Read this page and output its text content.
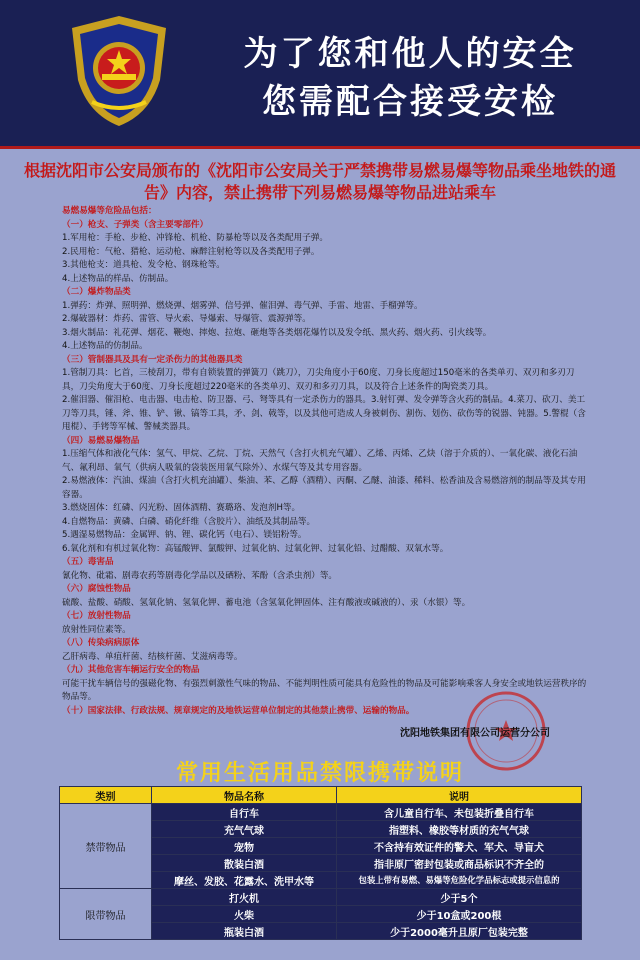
为了您和他人的安全
您需配合接受安检
根据沈阳市公安局颁布的《沈阳市公安局关于严禁携带易燃易爆等物品乘坐地铁的通告》内容，禁止携带下列易燃易爆等物品进站乘车

易燃易爆等危险品包括：

（一）枪支、子弹类（含主要零部件）

1.军用枪：手枪、步枪、冲锋枪、机枪、防暴枪等以及各类配用子弹。

2.民用枪：气枪、猎枪、运动枪、麻醉注射枪等以及各类配用子弹。

3.其他枪支：道具枪、发令枪、钢珠枪等。

4.上述物品的样品、仿制品。

（二）爆炸物品类

1.弹药：炸弹、照明弹、燃烧弹、烟雾弹、信号弹、催泪弹、毒气弹、手雷、地雷、手榴弹等。

2.爆破器材：炸药、雷管、导火索、导爆索、导爆管、震源弹等。

3.烟火制品：礼花弹、烟花、鞭炮、摔炮、拉炮、砸炮等各类烟花爆竹以及发令纸、黑火药、烟火药、引火线等。

4.上述物品的仿制品。

（三）管制器具及具有一定杀伤力的其他器具类

1.管制刀具：匕首，三棱刮刀，带有自锁装置的弹簧刀（跳刀），刀尖角度小于60度、刀身长度超过150毫米的各类单刃、双刃和多刃刀具，刀尖角度大于60度、刀身长度超过220毫米的各类单刃、双刃和多刃刀具，以及符合上述条件的陶瓷类刀具。

2.催泪器、催泪枪、电击器、电击枪、防卫器、弓、弩等具有一定杀伤力的器具。3.射钉弹、发令弹等含火药的制品。4.菜刀、砍刀、美工刀等刀具，锤、斧、锥、铲、锹、镐等工具，矛、剑、戟等，以及其他可造成人身被刺伤、割伤、划伤、砍伤等的锐器、钝器。5.警棍（含甩棍）、手铐等军械、警械类器具。

（四）易燃易爆物品

1.压缩气体和液化气体：氢气、甲烷、乙烷、丁烷、天然气（含打火机充气罐）、乙烯、丙烯、乙炔（溶于介质的）、一氧化碳、液化石油气、氟利昂、氧气（供病人吸氧的袋装医用氧气除外）、水煤气等及其专用容器。

2.易燃液体：汽油、煤油（含打火机充油罐）、柴油、苯、乙醇（酒精）、丙酮、乙醚、油漆、稀料、松香油及含易燃溶剂的制品等及其专用容器。

3.燃烧固体：红磷、闪光粉、固体酒精、赛璐珞、发泡剂H等。

4.自燃物品：黄磷、白磷、硝化纤维（含胶片）、油纸及其制品等。

5.遇湿易燃物品：金属钾、钠、锂、碳化钙（电石）、镁铝粉等。

6.氧化剂和有机过氧化物：高锰酸钾、氯酸钾、过氧化钠、过氧化钾、过氧化铅、过醋酸、双氧水等。

（五）毒害品

氰化物、砒霜、剧毒农药等剧毒化学品以及硒粉、苯酚（含杀虫剂）等。

（六）腐蚀性物品

硫酸、盐酸、硝酸、氢氧化钠、氢氧化钾、蓄电池（含氢氧化钾固体、注有酸液或碱液的）、汞（水银）等。

（七）放射性物品

放射性同位素等。

（八）传染病病原体

乙肝病毒、单疽杆菌、结核杆菌、艾滋病毒等。

（九）其他危害车辆运行安全的物品

可能干扰车辆信号的强磁化物、有强烈刺激性气味的物品、不能判明性质可能具有危险性的物品及可能影响乘客人身安全或地铁运营秩序的物品等。

（十）国家法律、行政法规、规章规定的及地铁运营单位制定的其他禁止携带、运输的物品。

沈阳地铁集团有限公司运营分公司
常用生活用品禁限携带说明
类别	物品名称	说明
禁带物品	自行车	含儿童自行车、未包装折叠自行车
	充气气球	指塑料、橡胶等材质的充气气球
	宠物	不含持有效证件的警犬、军犬、导盲犬
	散装白酒	指非原厂密封包装或商品标识不齐全的
	摩丝、发胶、花露水、洗甲水等	包装上带有易燃、易爆等危险化学品标志或提示信息的
限带物品	打火机	少于5个
	火柴	少于10盒或200根
	瓶装白酒	少于2000毫升且原厂包装完整
